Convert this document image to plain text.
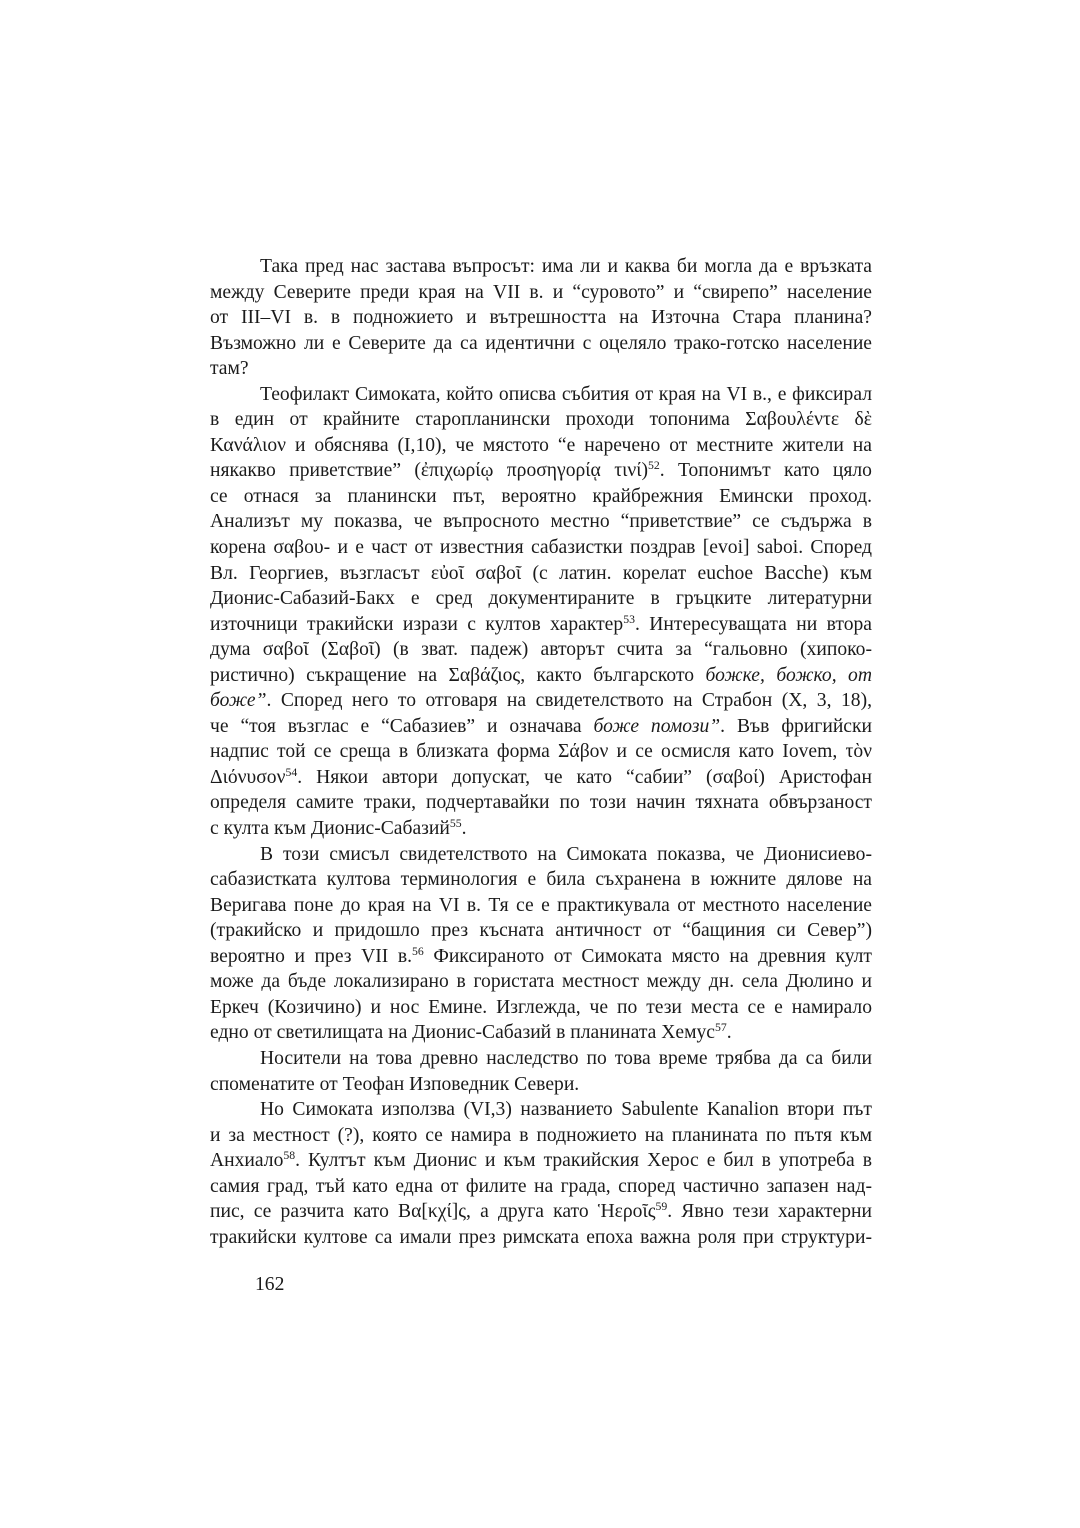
Така пред нас застава въпросът: има ли и каква би могла да е връзката
между Северите преди края на VII в. и “суровото” и “свирепо” население
от III–VI в. в подножието и вътрешността на Източна Стара планина?
Възможно ли е Северите да са идентични с оцеляло трако-готско население
там?
Теофилакт Симоката, който описва събития от края на VI в., е фиксирал
в един от крайните старопланински проходи топонима Σαβουλέντε δὲ
Κανάλιον и обяснява (I,10), че мястото “е наречено от местните жители на
някакво приветствие” (ἐπιχωρίῳ προσηγορίᾳ τινί)$^{52}$. Топонимът като цяло
се отнася за планински път, вероятно крайбрежния Емински проход.
Анализът му показва, че въпросното местно “приветствие” се съдържа в
корена σαβου- и е част от известния сабазистки поздрав [evoi] saboi. Според
Вл. Георгиев, възгласът εὐοῖ σαβοῖ (с латин. корелат euchoe Bacche) към
Дионис-Сабазий-Бакх е сред документираните в гръцките литературни
източници тракийски изрази с култов характер$^{53}$. Интересуващата ни втора
дума σαβοῖ (Σαβοῖ) (в зват. падеж) авторът счита за “гальовно (хипоко-
ристично) съкращение на Σαβάζιος, както българското божке, божко, от
боже”. Според него то отговаря на свидетелството на Страбон (X, 3, 18),
че “тоя възглас е “Сабазиев” и означава боже помози”. Във фригийски
надпис той се среща в близката форма Σάβον и се осмисля като Iovem, τὸν
Διόνυσον$^{54}$. Някои автори допускат, че като “сабии” (σαβοί) Аристофан
определя самите траки, подчертавайки по този начин тяхната обвързаност
с култа към Дионис-Сабазий$^{55}$.
В този смисъл свидетелството на Симоката показва, че Дионисиево-
сабазистката култова терминология е била съхранена в южните дялове на
Веригава поне до края на VI в. Тя се е практикувала от местното население
(тракийско и придошло през късната античност от “бащиния си Север”)
вероятно и през VII в.$^{56}$ Фиксираното от Симоката място на древния култ
може да бъде локализирано в гористата местност между дн. села Дюлино и
Еркеч (Козичино) и нос Емине. Изглежда, че по тези места се е намирало
едно от светилищата на Дионис-Сабазий в планината Хемус$^{57}$.
Носители на това древно наследство по това време трябва да са били
споменатите от Теофан Изповедник Севери.
Но Симоката използва (VI,3) названието Sabulente Kanalion втори път
и за местност (?), която се намира в подножието на планината по пътя към
Анхиало$^{58}$. Култът към Дионис и към тракийския Херос е бил в употреба в
самия град, тъй като една от филите на града, според частично запазен над-
пис, се разчита като Βα[κχί]ς, а друга като Ἡεροῖς$^{59}$. Явно тези характерни
тракийски култове са имали през римската епоха важна роля при структури-
162
